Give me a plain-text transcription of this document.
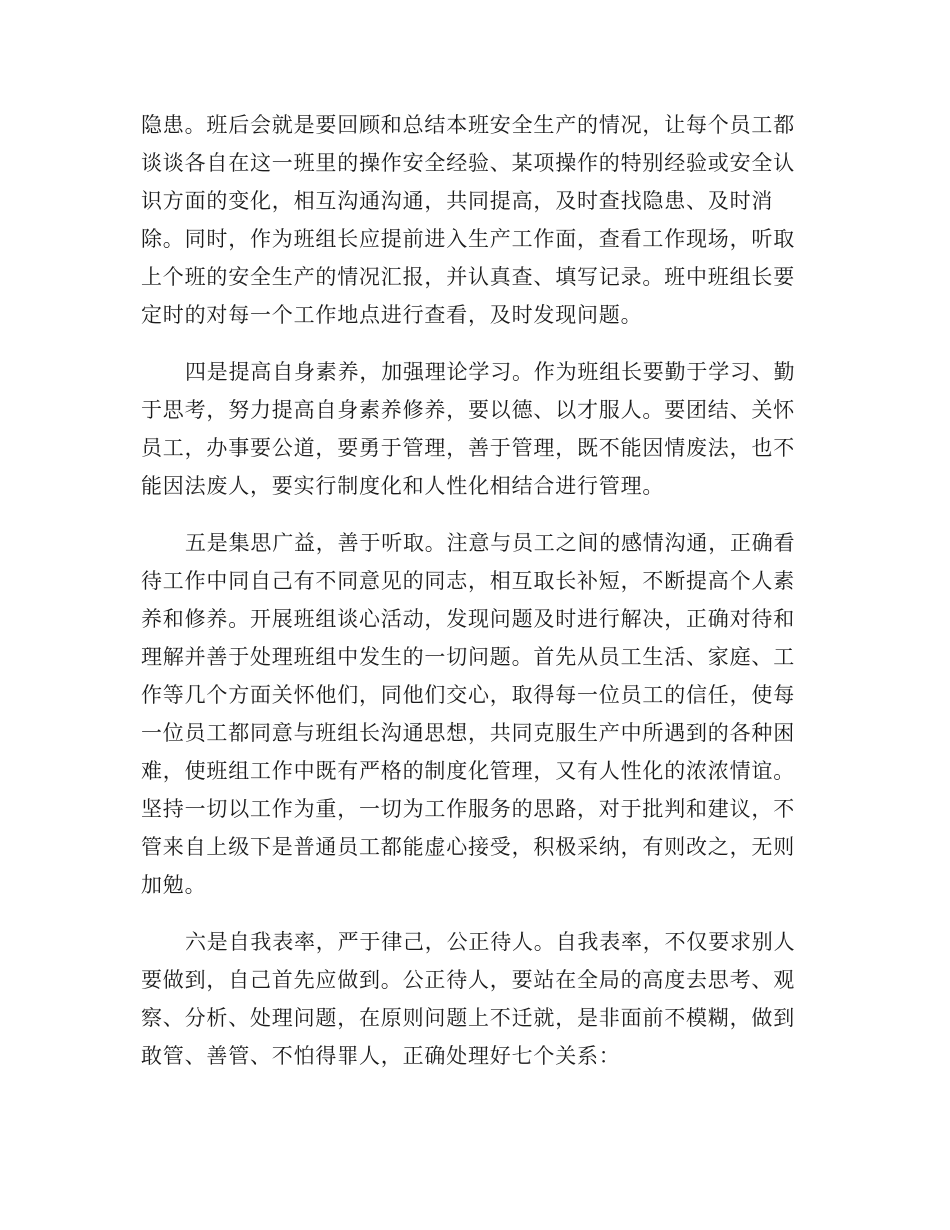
隐患。班后会就是要回顾和总结本班安全生产的情况，让每个员工都
谈谈各自在这一班里的操作安全经验、某项操作的特别经验或安全认
识方面的变化，相互沟通沟通，共同提高，及时查找隐患、及时消
除。同时，作为班组长应提前进入生产工作面，查看工作现场，听取
上个班的安全生产的情况汇报，并认真查、填写记录。班中班组长要
定时的对每一个工作地点进行查看，及时发现问题。

四是提高自身素养，加强理论学习。作为班组长要勤于学习、勤
于思考，努力提高自身素养修养，要以德、以才服人。要团结、关怀
员工，办事要公道，要勇于管理，善于管理，既不能因情废法，也不
能因法废人，要实行制度化和人性化相结合进行管理。

五是集思广益，善于听取。注意与员工之间的感情沟通，正确看
待工作中同自己有不同意见的同志，相互取长补短，不断提高个人素
养和修养。开展班组谈心活动，发现问题及时进行解决，正确对待和
理解并善于处理班组中发生的一切问题。首先从员工生活、家庭、工
作等几个方面关怀他们，同他们交心，取得每一位员工的信任，使每
一位员工都同意与班组长沟通思想，共同克服生产中所遇到的各种困
难，使班组工作中既有严格的制度化管理，又有人性化的浓浓情谊。
坚持一切以工作为重，一切为工作服务的思路，对于批判和建议，不
管来自上级下是普通员工都能虚心接受，积极采纳，有则改之，无则
加勉。

六是自我表率，严于律己，公正待人。自我表率，不仅要求别人
要做到，自己首先应做到。公正待人，要站在全局的高度去思考、观
察、分析、处理问题，在原则问题上不迁就，是非面前不模糊，做到
敢管、善管、不怕得罪人，正确处理好七个关系：
